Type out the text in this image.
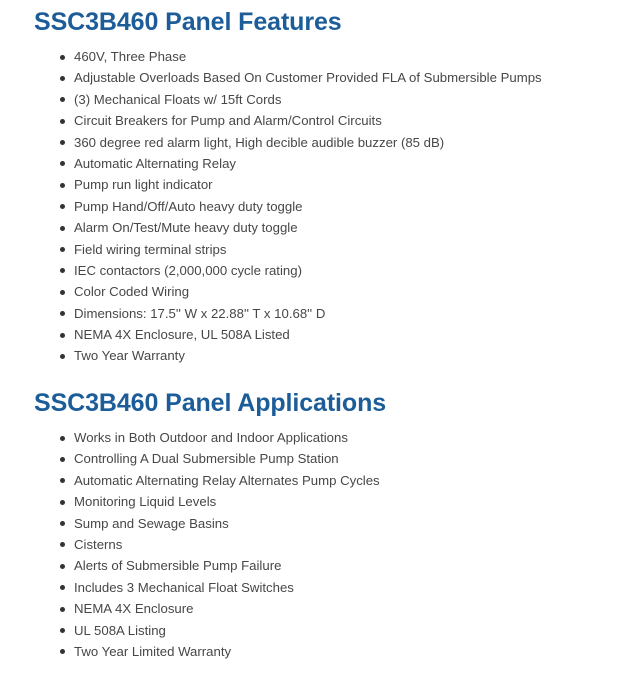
SSC3B460 Panel Features
460V, Three Phase
Adjustable Overloads Based On Customer Provided FLA of Submersible Pumps
(3) Mechanical Floats w/ 15ft Cords
Circuit Breakers for Pump and Alarm/Control Circuits
360 degree red alarm light, High decible audible buzzer (85 dB)
Automatic Alternating Relay
Pump run light indicator
Pump Hand/Off/Auto heavy duty toggle
Alarm On/Test/Mute heavy duty toggle
Field wiring terminal strips
IEC contactors (2,000,000 cycle rating)
Color Coded Wiring
Dimensions: 17.5'' W x 22.88'' T x 10.68'' D
NEMA 4X Enclosure, UL 508A Listed
Two Year Warranty
SSC3B460 Panel Applications
Works in Both Outdoor and Indoor Applications
Controlling A Dual Submersible Pump Station
Automatic Alternating Relay Alternates Pump Cycles
Monitoring Liquid Levels
Sump and Sewage Basins
Cisterns
Alerts of Submersible Pump Failure
Includes 3 Mechanical Float Switches
NEMA 4X Enclosure
UL 508A Listing
Two Year Limited Warranty
